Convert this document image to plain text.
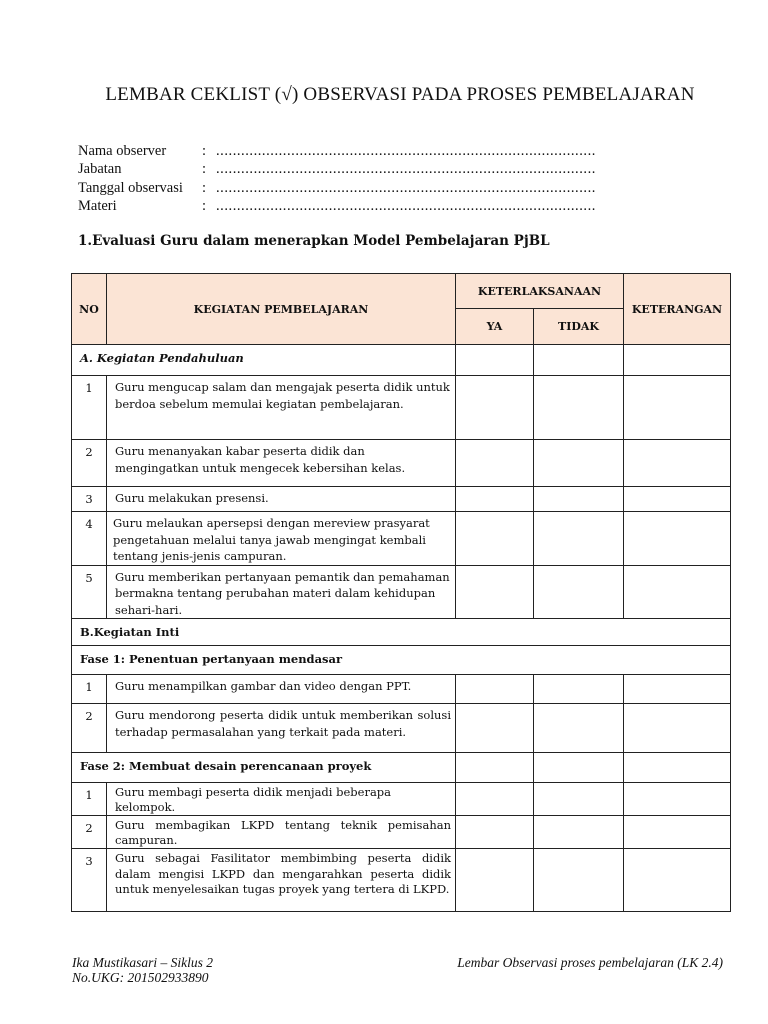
LEMBAR CEKLIST (√) OBSERVASI PADA PROSES PEMBELAJARAN
Nama observer : ...........................................................................................
Jabatan	: ...........................................................................................
Tanggal observasi : ...........................................................................................
Materi	: ...........................................................................................
1.Evaluasi Guru dalam menerapkan Model Pembelajaran PjBL
NO	KEGIATAN PEMBELAJARAN	KETERLAKSANAAN		KETERANGAN
		YA	TIDAK	
A. Kegiatan Pendahuluan				
1	Guru mengucap salam dan mengajak peserta didik untuk berdoa sebelum memulai kegiatan pembelajaran.			
2	Guru menanyakan kabar peserta didik dan mengingatkan untuk mengecek kebersihan kelas.			
3	Guru melakukan presensi.			
4	Guru melaukan apersepsi dengan mereview prasyarat pengetahuan melalui tanya jawab mengingat kembali tentang jenis-jenis campuran.			
5	Guru memberikan pertanyaan pemantik dan pemahaman bermakna tentang perubahan materi dalam kehidupan sehari-hari.			
B.Kegiatan Inti				
Fase 1: Penentuan pertanyaan mendasar				
1	Guru menampilkan gambar dan video dengan PPT.			
2	Guru mendorong peserta didik untuk memberikan solusi terhadap permasalahan yang terkait pada materi.			
Fase 2: Membuat desain perencanaan proyek				
1	Guru membagi peserta didik menjadi beberapa kelompok.			
2	Guru membagikan LKPD tentang teknik pemisahan campuran.			
3	Guru sebagai Fasilitator membimbing peserta didik dalam mengisi LKPD dan mengarahkan peserta didik untuk menyelesaikan tugas proyek yang tertera di LKPD.			
Ika Mustikasari – Siklus 2
No.UKG: 201502933890
Lembar Observasi proses pembelajaran (LK 2.4)
